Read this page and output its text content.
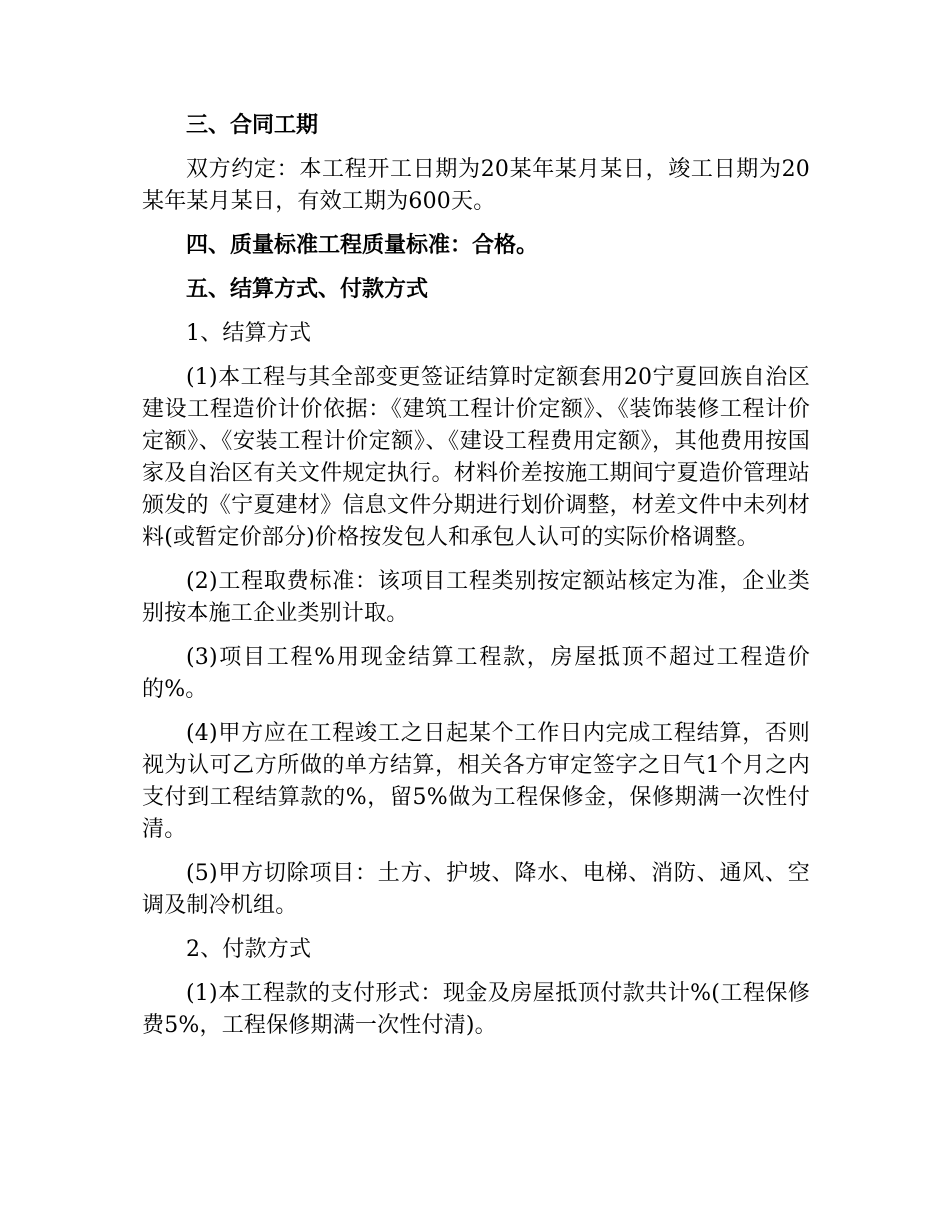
三、合同工期
双方约定：本工程开工日期为20某年某月某日，竣工日期为20某年某月某日，有效工期为600天。
四、质量标准工程质量标准：合格。
五、结算方式、付款方式
1、结算方式
(1)本工程与其全部变更签证结算时定额套用20宁夏回族自治区建设工程造价计价依据：《建筑工程计价定额》、《装饰装修工程计价定额》、《安装工程计价定额》、《建设工程费用定额》，其他费用按国家及自治区有关文件规定执行。材料价差按施工期间宁夏造价管理站颁发的《宁夏建材》信息文件分期进行划价调整，材差文件中未列材料(或暂定价部分)价格按发包人和承包人认可的实际价格调整。
(2)工程取费标准：该项目工程类别按定额站核定为准，企业类别按本施工企业类别计取。
(3)项目工程%用现金结算工程款，房屋抵顶不超过工程造价的%。
(4)甲方应在工程竣工之日起某个工作日内完成工程结算，否则视为认可乙方所做的单方结算，相关各方审定签字之日气1个月之内支付到工程结算款的%，留5%做为工程保修金，保修期满一次性付清。
(5)甲方切除项目：土方、护坡、降水、电梯、消防、通风、空调及制冷机组。
2、付款方式
(1)本工程款的支付形式：现金及房屋抵顶付款共计%(工程保修费5%，工程保修期满一次性付清)。
